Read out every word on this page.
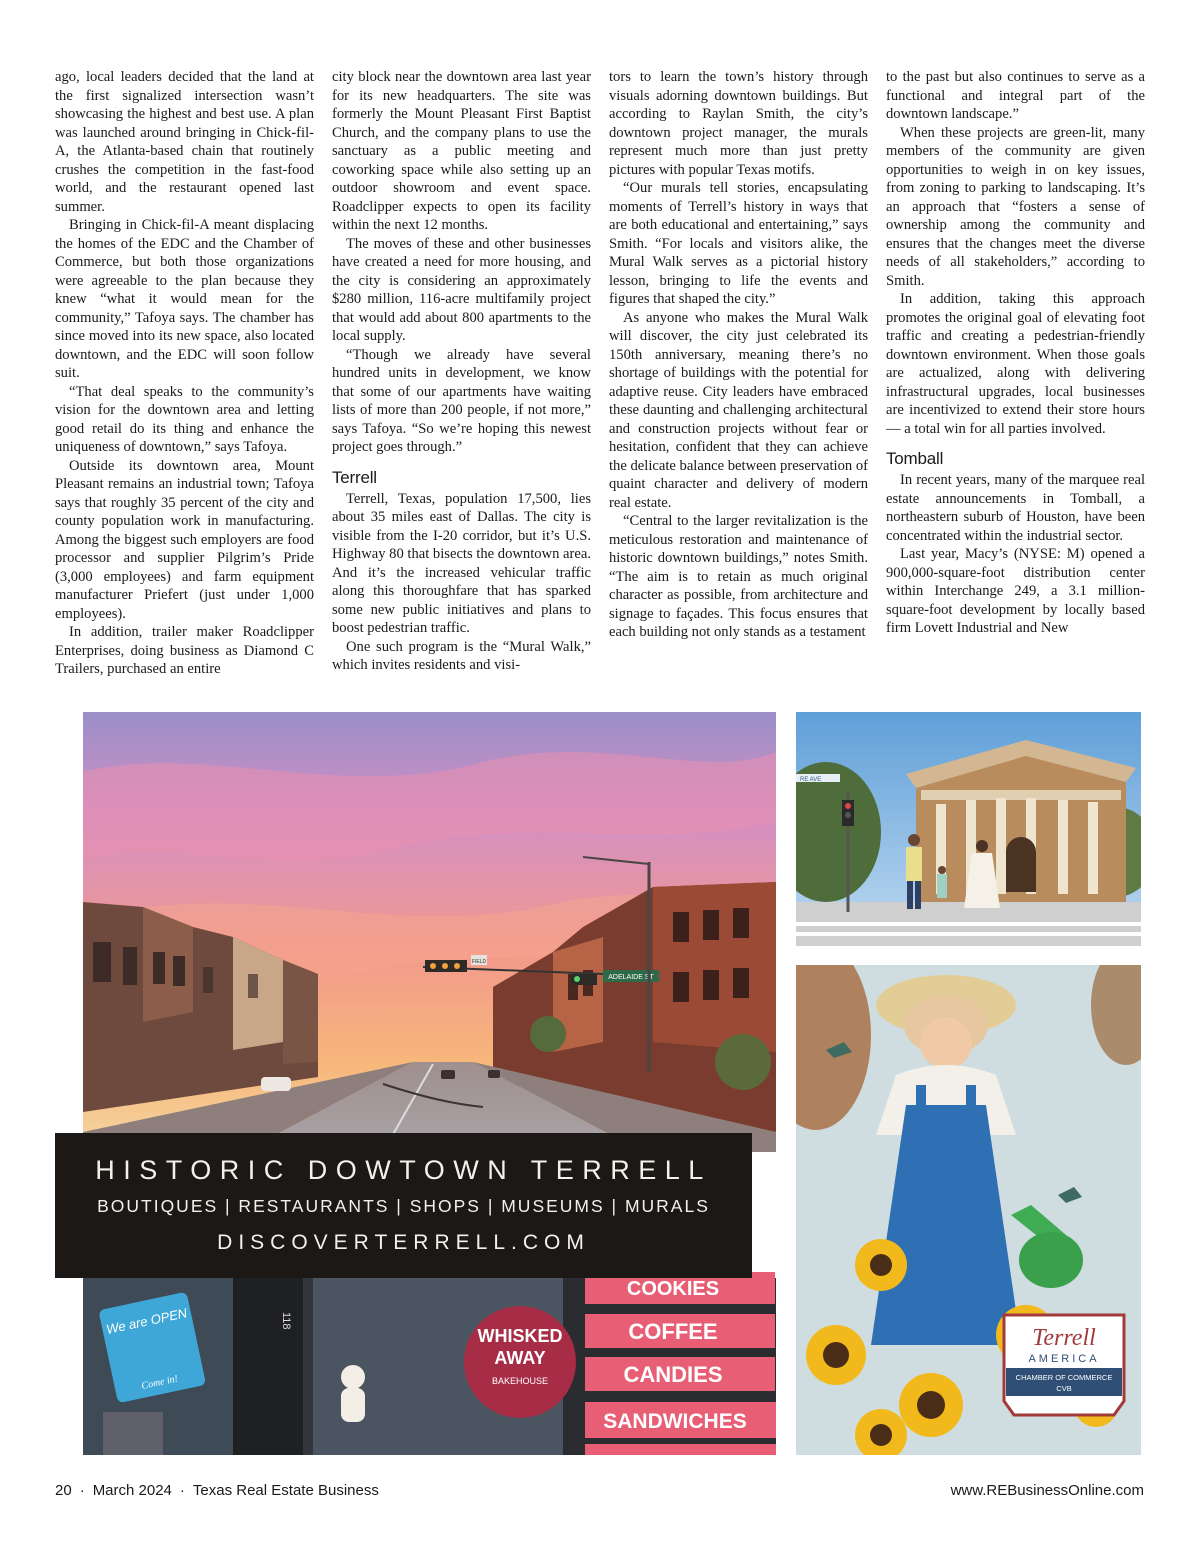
ago, local leaders decided that the land at the first signalized intersection wasn’t showcasing the highest and best use. A plan was launched around bringing in Chick-fil-A, the Atlanta-based chain that routinely crushes the competition in the fast-food world, and the restaurant opened last summer.

Bringing in Chick-fil-A meant displacing the homes of the EDC and the Chamber of Commerce, but both those organizations were agreeable to the plan because they knew “what it would mean for the community,” Tafoya says. The chamber has since moved into its new space, also located downtown, and the EDC will soon follow suit.

“That deal speaks to the community’s vision for the downtown area and letting good retail do its thing and enhance the uniqueness of downtown,” says Tafoya.

Outside its downtown area, Mount Pleasant remains an industrial town; Tafoya says that roughly 35 percent of the city and county population work in manufacturing. Among the biggest such employers are food processor and supplier Pilgrim’s Pride (3,000 employees) and farm equipment manufacturer Priefert (just under 1,000 employees).

In addition, trailer maker Roadclipper Enterprises, doing business as Diamond C Trailers, purchased an entire

city block near the downtown area last year for its new headquarters. The site was formerly the Mount Pleasant First Baptist Church, and the company plans to use the sanctuary as a public meeting and coworking space while also setting up an outdoor showroom and event space. Roadclipper expects to open its facility within the next 12 months.

The moves of these and other businesses have created a need for more housing, and the city is considering an approximately $280 million, 116-acre multifamily project that would add about 800 apartments to the local supply.

“Though we already have several hundred units in development, we know that some of our apartments have waiting lists of more than 200 people, if not more,” says Tafoya. “So we’re hoping this newest project goes through.”

Terrell

Terrell, Texas, population 17,500, lies about 35 miles east of Dallas. The city is visible from the I-20 corridor, but it’s U.S. Highway 80 that bisects the downtown area. And it’s the increased vehicular traffic along this thoroughfare that has sparked some new public initiatives and plans to boost pedestrian traffic.

One such program is the “Mural Walk,” which invites residents and visi-

tors to learn the town’s history through visuals adorning downtown buildings. But according to Raylan Smith, the city’s downtown project manager, the murals represent much more than just pretty pictures with popular Texas motifs.

“Our murals tell stories, encapsulating moments of Terrell’s history in ways that are both educational and entertaining,” says Smith. “For locals and visitors alike, the Mural Walk serves as a pictorial history lesson, bringing to life the events and figures that shaped the city.”

As anyone who makes the Mural Walk will discover, the city just celebrated its 150th anniversary, meaning there’s no shortage of buildings with the potential for adaptive reuse. City leaders have embraced these daunting and challenging architectural and construction projects without fear or hesitation, confident that they can achieve the delicate balance between preservation of quaint character and delivery of modern real estate.

“Central to the larger revitalization is the meticulous restoration and maintenance of historic downtown buildings,” notes Smith. “The aim is to retain as much original character as possible, from architecture and signage to façades. This focus ensures that each building not only stands as a testament

to the past but also continues to serve as a functional and integral part of the downtown landscape.”

When these projects are green-lit, many members of the community are given opportunities to weigh in on key issues, from zoning to parking to landscaping. It’s an approach that “fosters a sense of ownership among the community and ensures that the changes meet the diverse needs of all stakeholders,” according to Smith.

In addition, taking this approach promotes the original goal of elevating foot traffic and creating a pedestrian-friendly downtown environment. When those goals are actualized, along with delivering infrastructural upgrades, local businesses are incentivized to extend their store hours — a total win for all parties involved.

Tomball

In recent years, many of the marquee real estate announcements in Tomball, a northeastern suburb of Houston, have been concentrated within the industrial sector.

Last year, Macy’s (NYSE: M) opened a 900,000-square-foot distribution center within Interchange 249, a 3.1 million-square-foot development by locally based firm Lovett Industrial and New

FIELD
ADELAIDE ST
We are OPEN
Come in!
118
WHISKED
AWAY
BAKEHOUSE
COOKIES
COFFEE
CANDIES
SANDWICHES
HISTORIC DOWTOWN TERRELL
BOUTIQUES | RESTAURANTS | SHOPS | MUSEUMS | MURALS
DISCOVERTERRELL.COM
RE AVE
Terrell
AMERICA
CHAMBER OF COMMERCE
CVB
20 · March 2024 · Texas Real Estate Business	www.REBusinessOnline.com
